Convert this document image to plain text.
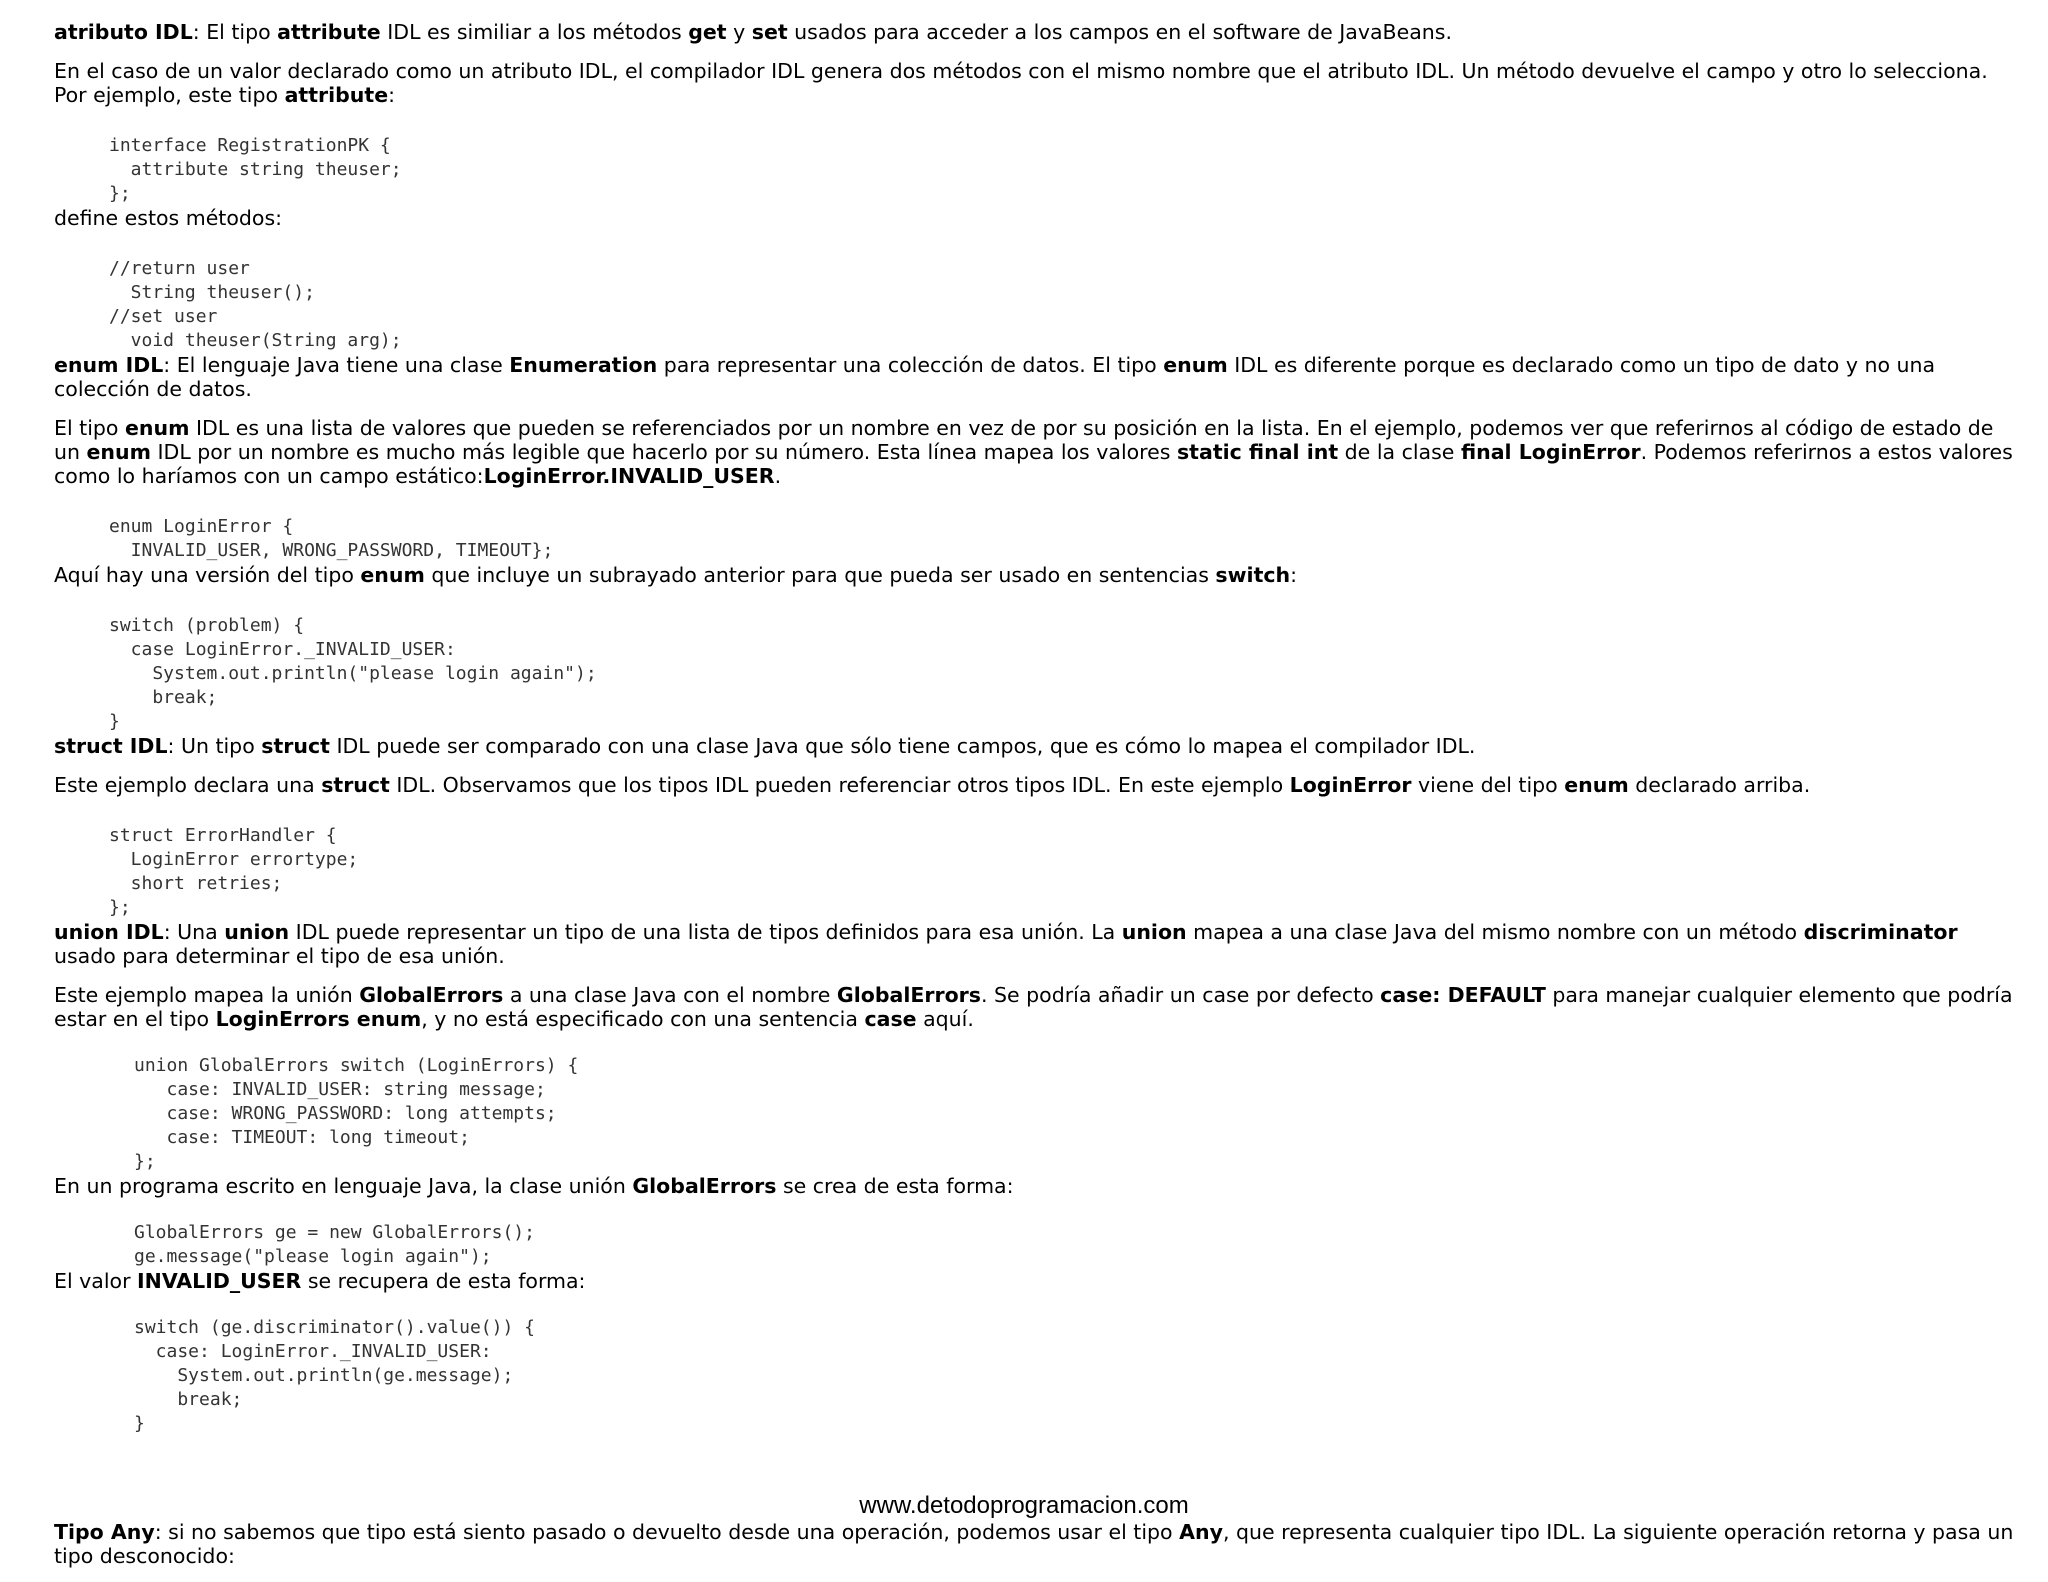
atributo IDL: El tipo attribute IDL es similiar a los métodos get y set usados para acceder a los campos en el software de JavaBeans.

En el caso de un valor declarado como un atributo IDL, el compilador IDL genera dos métodos con el mismo nombre que el atributo IDL. Un método devuelve el campo y otro lo selecciona. Por ejemplo, este tipo attribute:

interface RegistrationPK {
attribute string theuser;
};

define estos métodos:

//return user
String theuser();
//set user
void theuser(String arg);

enum IDL: El lenguaje Java tiene una clase Enumeration para representar una colección de datos. El tipo enum IDL es diferente porque es declarado como un tipo de dato y no una colección de datos.

El tipo enum IDL es una lista de valores que pueden se referenciados por un nombre en vez de por su posición en la lista. En el ejemplo, podemos ver que referirnos al código de estado de un enum IDL por un nombre es mucho más legible que hacerlo por su número. Esta línea mapea los valores static final int de la clase final LoginError. Podemos referirnos a estos valores como lo haríamos con un campo estático:LoginError.INVALID_USER.

enum LoginError {
INVALID_USER, WRONG_PASSWORD, TIMEOUT};

Aquí hay una versión del tipo enum que incluye un subrayado anterior para que pueda ser usado en sentencias switch:

switch (problem) {
case LoginError._INVALID_USER:
System.out.println("please login again");
break;
}

struct IDL: Un tipo struct IDL puede ser comparado con una clase Java que sólo tiene campos, que es cómo lo mapea el compilador IDL.

Este ejemplo declara una struct IDL. Observamos que los tipos IDL pueden referenciar otros tipos IDL. En este ejemplo LoginError viene del tipo enum declarado arriba.

struct ErrorHandler {
LoginError errortype;
short retries;
};

union IDL: Una union IDL puede representar un tipo de una lista de tipos definidos para esa unión. La union mapea a una clase Java del mismo nombre con un método discriminator usado para determinar el tipo de esa unión.

Este ejemplo mapea la unión GlobalErrors a una clase Java con el nombre GlobalErrors. Se podría añadir un case por defecto case: DEFAULT para manejar cualquier elemento que podría estar en el tipo LoginErrors enum, y no está especificado con una sentencia case aquí.

union GlobalErrors switch (LoginErrors) {
case: INVALID_USER: string message;
case: WRONG_PASSWORD: long attempts;
case: TIMEOUT: long timeout;
};

En un programa escrito en lenguaje Java, la clase unión GlobalErrors se crea de esta forma:

GlobalErrors ge = new GlobalErrors();
ge.message("please login again");

El valor INVALID_USER se recupera de esta forma:

switch (ge.discriminator().value()) {
case: LoginError._INVALID_USER:
System.out.println(ge.message);
break;
}
www.detodoprogramacion.com

Tipo Any: si no sabemos que tipo está siento pasado o devuelto desde una operación, podemos usar el tipo Any, que representa cualquier tipo IDL. La siguiente operación retorna y pasa un tipo desconocido:
